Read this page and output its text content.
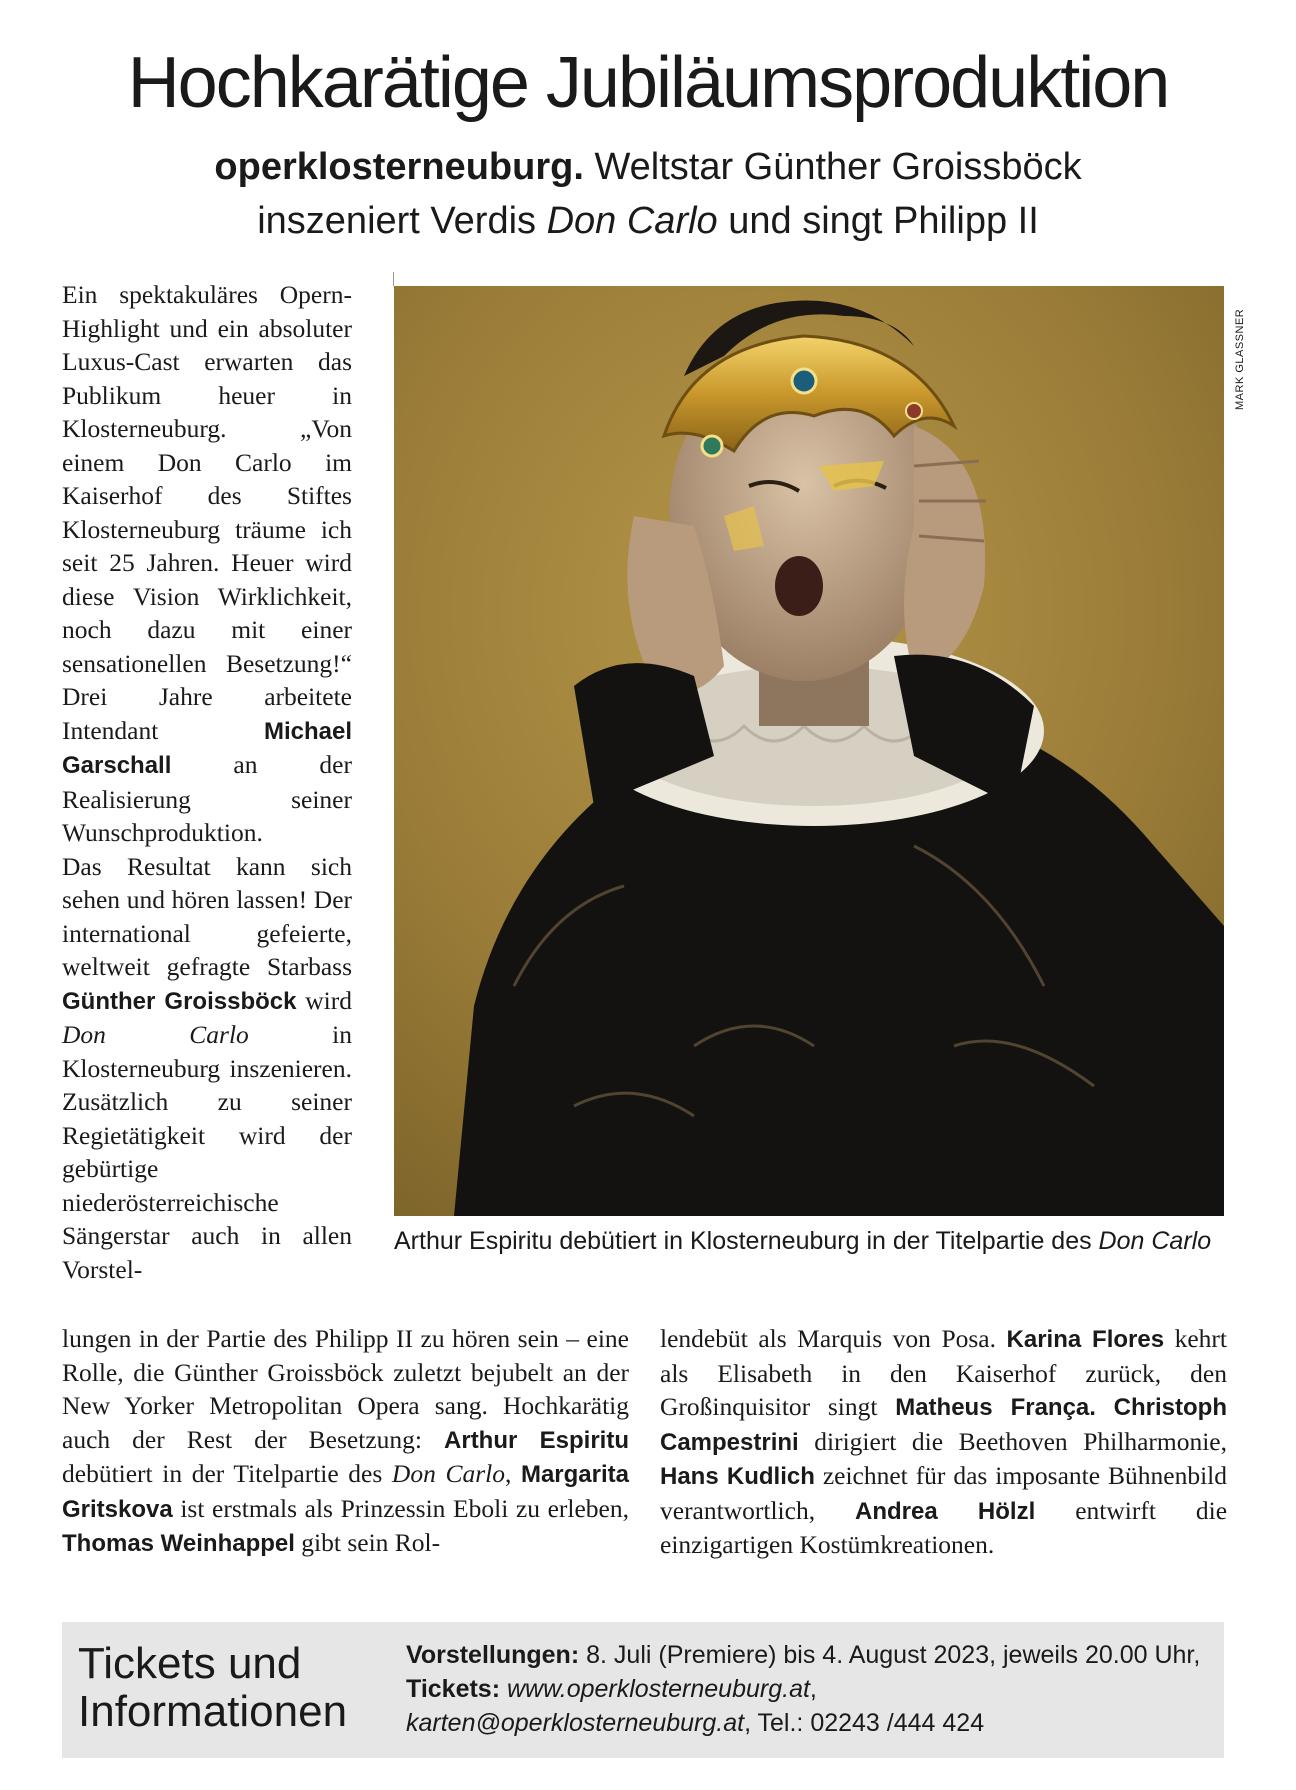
Hochkarätige Jubiläumsproduktion

operklosterneuburg. Weltstar Günther Groissböck
inszeniert Verdis Don Carlo und singt Philipp II

Ein spektakuläres Opern-Highlight und ein absoluter Luxus-Cast erwarten das Publikum heuer in Klosterneuburg. „Von einem Don Carlo im Kaiserhof des Stiftes Klosterneuburg träume ich seit 25 Jahren. Heuer wird diese Vision Wirklichkeit, noch dazu mit einer sensationellen Besetzung!“ Drei Jahre arbeitete Intendant Michael Garschall an der Realisierung seiner Wunschproduktion.
Das Resultat kann sich sehen und hören lassen! Der international gefeierte, weltweit gefragte Starbass Günther Groissböck wird Don Carlo in Klosterneuburg inszenieren. Zusätzlich zu seiner Regietätigkeit wird der gebürtige niederösterreichische Sängerstar auch in allen Vorstel-
MARK GLASSNER

Arthur Espiritu debütiert in Klosterneuburg in der Titelpartie des Don Carlo

lungen in der Partie des Philipp II zu hören sein – eine Rolle, die Günther Groissböck zuletzt bejubelt an der New Yorker Metropolitan Opera sang. Hochkarätig auch der Rest der Besetzung: Arthur Espiritu debütiert in der Titelpartie des Don Carlo, Margarita Gritskova ist erstmals als Prinzessin Eboli zu erleben, Thomas Weinhappel gibt sein Rol-
lendebüt als Marquis von Posa. Karina Flores kehrt als Elisabeth in den Kaiserhof zurück, den Großinquisitor singt Matheus França. Christoph Campestrini dirigiert die Beethoven Philharmonie, Hans Kudlich zeichnet für das imposante Bühnenbild verantwortlich, Andrea Hölzl entwirft die einzigartigen Kostümkreationen.

Tickets und
Informationen

Vorstellungen: 8. Juli (Premiere) bis 4. August 2023, jeweils 20.00 Uhr, Tickets: www.operklosterneuburg.at,
karten@operklosterneuburg.at, Tel.: 02243 /444 424
